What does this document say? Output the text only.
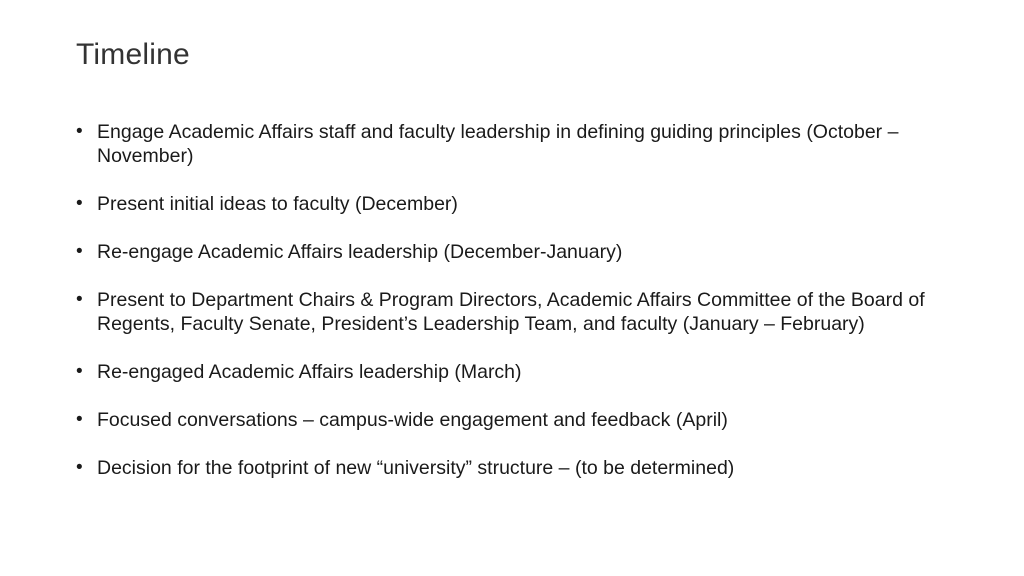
Timeline
• Engage Academic Affairs staff and faculty leadership in defining guiding principles (October – November)
• Present initial ideas to faculty (December)
• Re-engage Academic Affairs leadership (December-January)
• Present to Department Chairs & Program Directors, Academic Affairs Committee of the Board of Regents, Faculty Senate, President’s Leadership Team, and faculty (January – February)
• Re-engaged Academic Affairs leadership (March)
• Focused conversations – campus-wide engagement and feedback (April)
• Decision for the footprint of new “university” structure – (to be determined)
